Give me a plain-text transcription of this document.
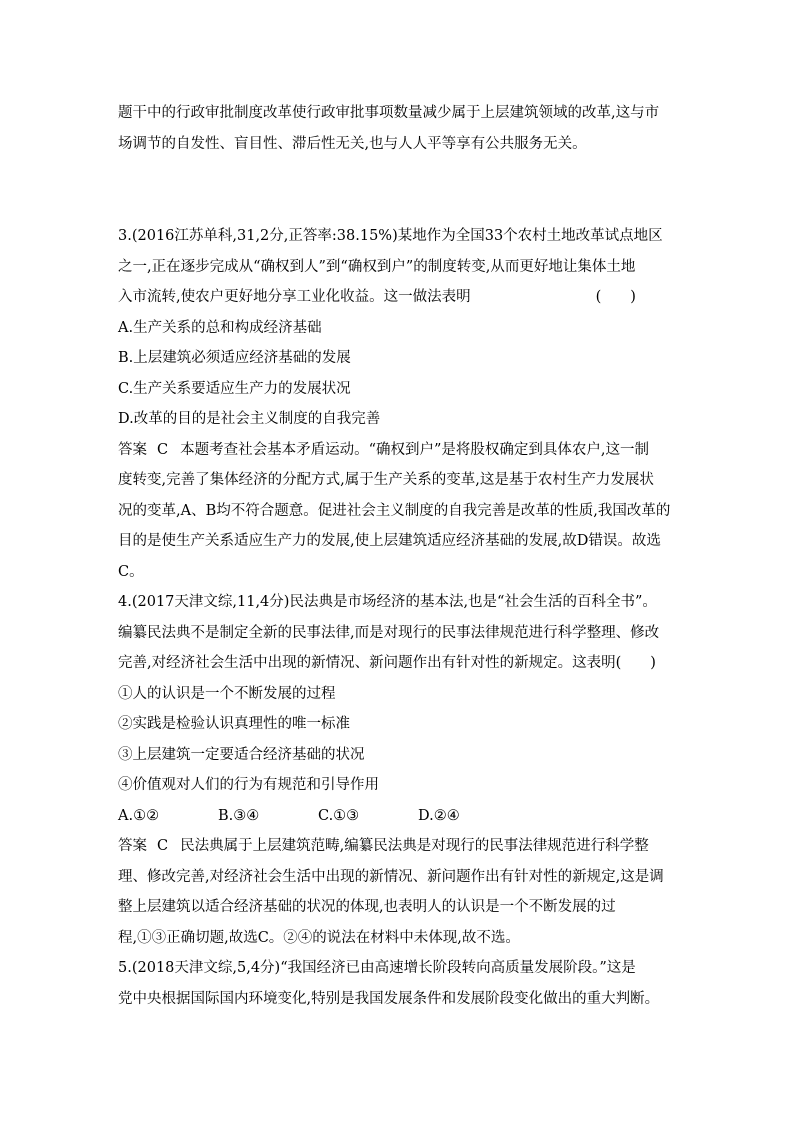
题干中的行政审批制度改革使行政审批事项数量减少属于上层建筑领域的改革,这与市
场调节的自发性、盲目性、滞后性无关,也与人人平等享有公共服务无关。
3.(2016江苏单科,31,2分,正答率:38.15%)某地作为全国33个农村土地改革试点地区
之一,正在逐步完成从“确权到人”到“确权到户”的制度转变,从而更好地让集体土地
入市流转,使农户更好地分享工业化收益。这一做法表明	(　　)
A.生产关系的总和构成经济基础
B.上层建筑必须适应经济基础的发展
C.生产关系要适应生产力的发展状况
D.改革的目的是社会主义制度的自我完善
答案 C 本题考查社会基本矛盾运动。“确权到户”是将股权确定到具体农户,这一制
度转变,完善了集体经济的分配方式,属于生产关系的变革,这是基于农村生产力发展状
况的变革,A、B均不符合题意。促进社会主义制度的自我完善是改革的性质,我国改革的
目的是使生产关系适应生产力的发展,使上层建筑适应经济基础的发展,故D错误。故选
C。
4.(2017天津文综,11,4分)民法典是市场经济的基本法,也是“社会生活的百科全书”。
编纂民法典不是制定全新的民事法律,而是对现行的民事法律规范进行科学整理、修改
完善,对经济社会生活中出现的新情况、新问题作出有针对性的新规定。这表明(　　)
①人的认识是一个不断发展的过程
②实践是检验认识真理性的唯一标准
③上层建筑一定要适合经济基础的状况
④价值观对人们的行为有规范和引导作用
A.①②	B.③④	C.①③	D.②④
答案 C 民法典属于上层建筑范畴,编纂民法典是对现行的民事法律规范进行科学整
理、修改完善,对经济社会生活中出现的新情况、新问题作出有针对性的新规定,这是调
整上层建筑以适合经济基础的状况的体现,也表明人的认识是一个不断发展的过
程,①③正确切题,故选C。②④的说法在材料中未体现,故不选。
5.(2018天津文综,5,4分)“我国经济已由高速增长阶段转向高质量发展阶段。”这是
党中央根据国际国内环境变化,特别是我国发展条件和发展阶段变化做出的重大判断。
